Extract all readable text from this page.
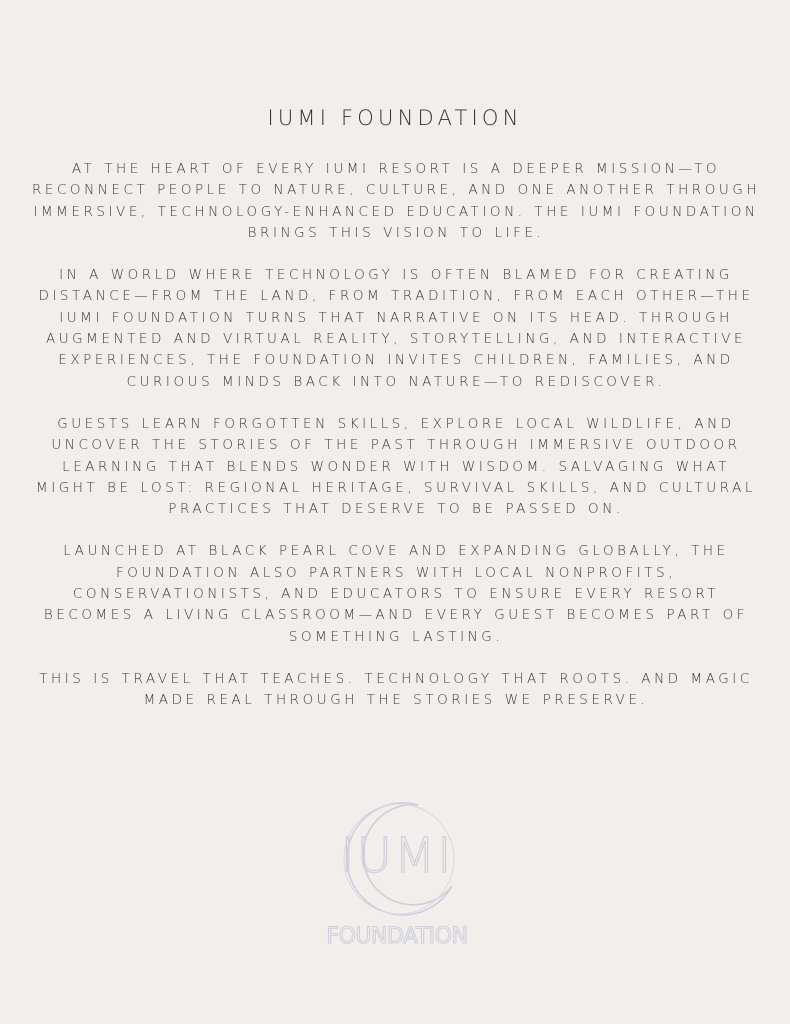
IUMI FOUNDATION

AT THE HEART OF EVERY IUMI RESORT IS A DEEPER MISSION—TO RECONNECT PEOPLE TO NATURE, CULTURE, AND ONE ANOTHER THROUGH IMMERSIVE, TECHNOLOGY-ENHANCED EDUCATION. THE IUMI FOUNDATION BRINGS THIS VISION TO LIFE.

IN A WORLD WHERE TECHNOLOGY IS OFTEN BLAMED FOR CREATING DISTANCE—FROM THE LAND, FROM TRADITION, FROM EACH OTHER—THE IUMI FOUNDATION TURNS THAT NARRATIVE ON ITS HEAD. THROUGH AUGMENTED AND VIRTUAL REALITY, STORYTELLING, AND INTERACTIVE EXPERIENCES, THE FOUNDATION INVITES CHILDREN, FAMILIES, AND CURIOUS MINDS BACK INTO NATURE—TO REDISCOVER.

GUESTS LEARN FORGOTTEN SKILLS, EXPLORE LOCAL WILDLIFE, AND UNCOVER THE STORIES OF THE PAST THROUGH IMMERSIVE OUTDOOR LEARNING THAT BLENDS WONDER WITH WISDOM. SALVAGING WHAT MIGHT BE LOST: REGIONAL HERITAGE, SURVIVAL SKILLS, AND CULTURAL PRACTICES THAT DESERVE TO BE PASSED ON.

LAUNCHED AT BLACK PEARL COVE AND EXPANDING GLOBALLY, THE FOUNDATION ALSO PARTNERS WITH LOCAL NONPROFITS, CONSERVATIONISTS, AND EDUCATORS TO ENSURE EVERY RESORT BECOMES A LIVING CLASSROOM—AND EVERY GUEST BECOMES PART OF SOMETHING LASTING.

THIS IS TRAVEL THAT TEACHES. TECHNOLOGY THAT ROOTS. AND MAGIC MADE REAL THROUGH THE STORIES WE PRESERVE.

IUMI
FOUNDATION
